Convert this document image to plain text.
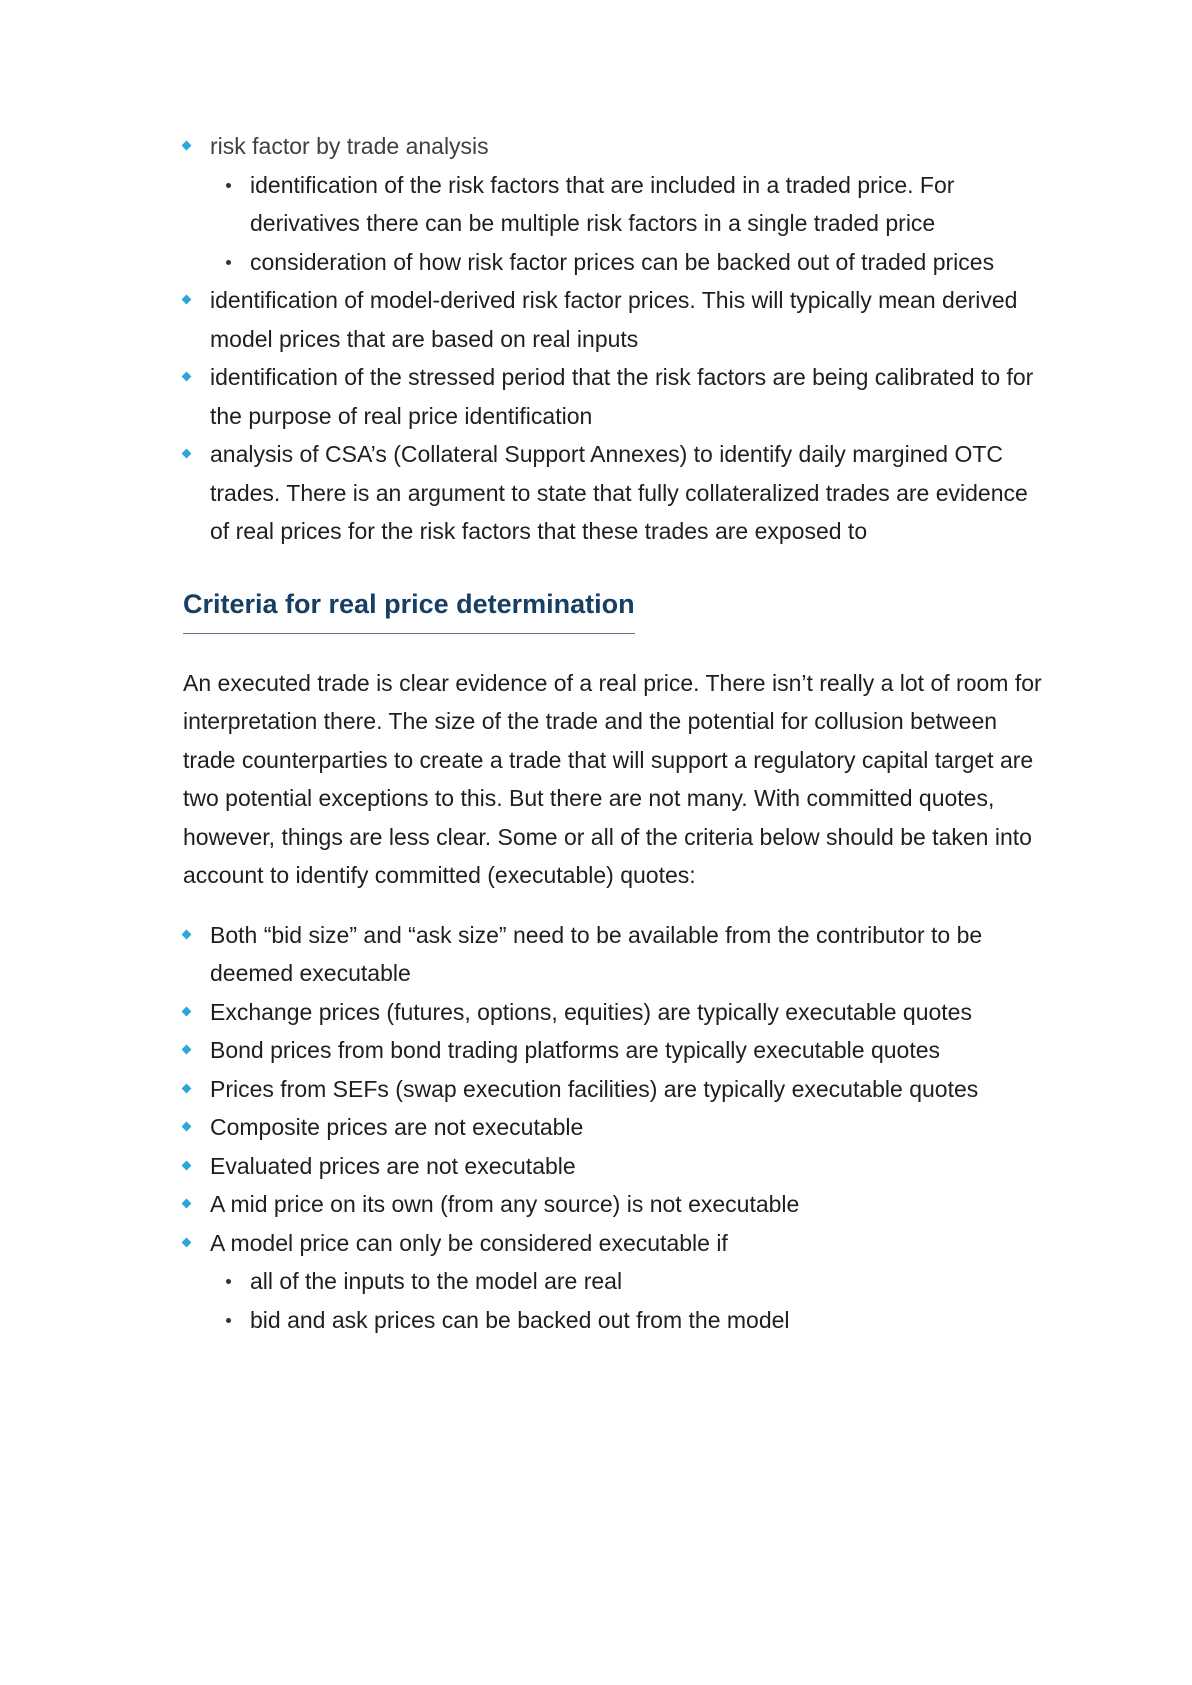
risk factor by trade analysis
identification of the risk factors that are included in a traded price. For derivatives there can be multiple risk factors in a single traded price
consideration of how risk factor prices can be backed out of traded prices
identification of model-derived risk factor prices. This will typically mean derived model prices that are based on real inputs
identification of the stressed period that the risk factors are being calibrated to for the purpose of real price identification
analysis of CSA’s (Collateral Support Annexes) to identify daily margined OTC trades. There is an argument to state that fully collateralized trades are evidence of real prices for the risk factors that these trades are exposed to
Criteria for real price determination

An executed trade is clear evidence of a real price. There isn’t really a lot of room for interpretation there. The size of the trade and the potential for collusion between trade counterparties to create a trade that will support a regulatory capital target are two potential exceptions to this. But there are not many. With committed quotes, however, things are less clear. Some or all of the criteria below should be taken into account to identify committed (executable) quotes:

Both “bid size” and “ask size” need to be available from the contributor to be deemed executable
Exchange prices (futures, options, equities) are typically executable quotes
Bond prices from bond trading platforms are typically executable quotes
Prices from SEFs (swap execution facilities) are typically executable quotes
Composite prices are not executable
Evaluated prices are not executable
A mid price on its own (from any source) is not executable
A model price can only be considered executable if
all of the inputs to the model are real
bid and ask prices can be backed out from the model
